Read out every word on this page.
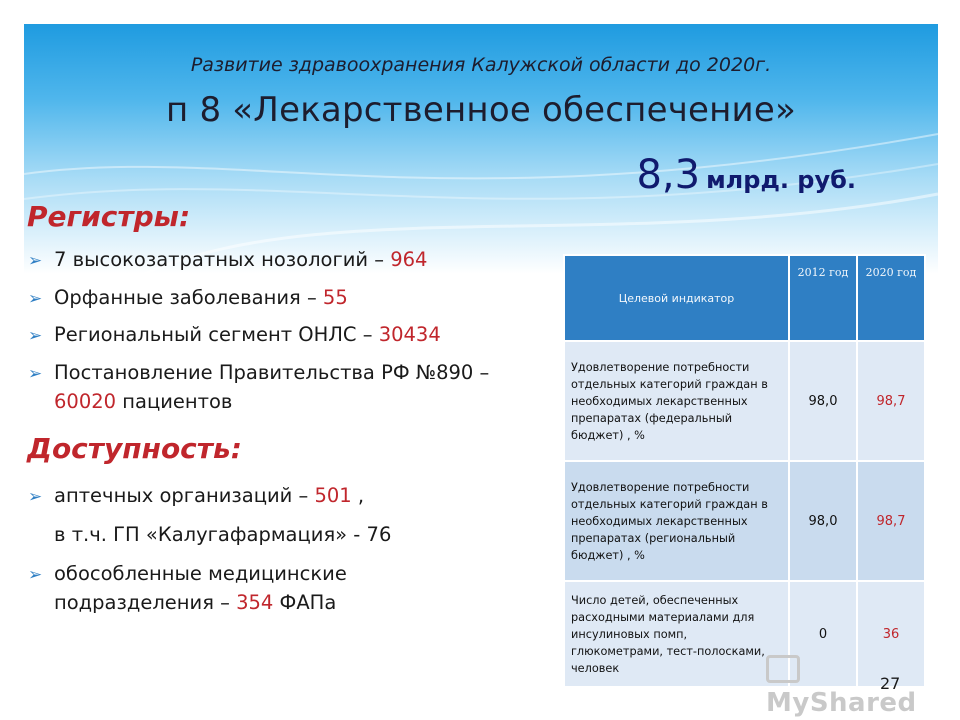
Развитие здравоохранения Калужской области до 2020г.
п 8 «Лекарственное обеспечение»
8,3 млрд. руб.
Регистры:
➢ 7 высокозатратных нозологий – 964
➢ Орфанные заболевания – 55
➢ Региональный сегмент ОНЛС – 30434
➢ Постановление Правительства РФ №890 –
60020 пациентов
Доступность:
➢ аптечных организаций – 501 ,
в т.ч. ГП «Калугафармация» - 76
➢ обособленные медицинские
подразделения – 354 ФАПа
Целевой индикатор	2012 год	2020 год
Удовлетворение потребности отдельных категорий граждан в необходимых лекарственных препаратах (федеральный бюджет) , %	98,0	98,7
Удовлетворение потребности отдельных категорий граждан в необходимых лекарственных препаратах (региональный бюджет) , %	98,0	98,7
Число детей, обеспеченных расходными материалами для инсулиновых помп, глюкометрами, тест-полосками, человек	0	36
MyShared
27
